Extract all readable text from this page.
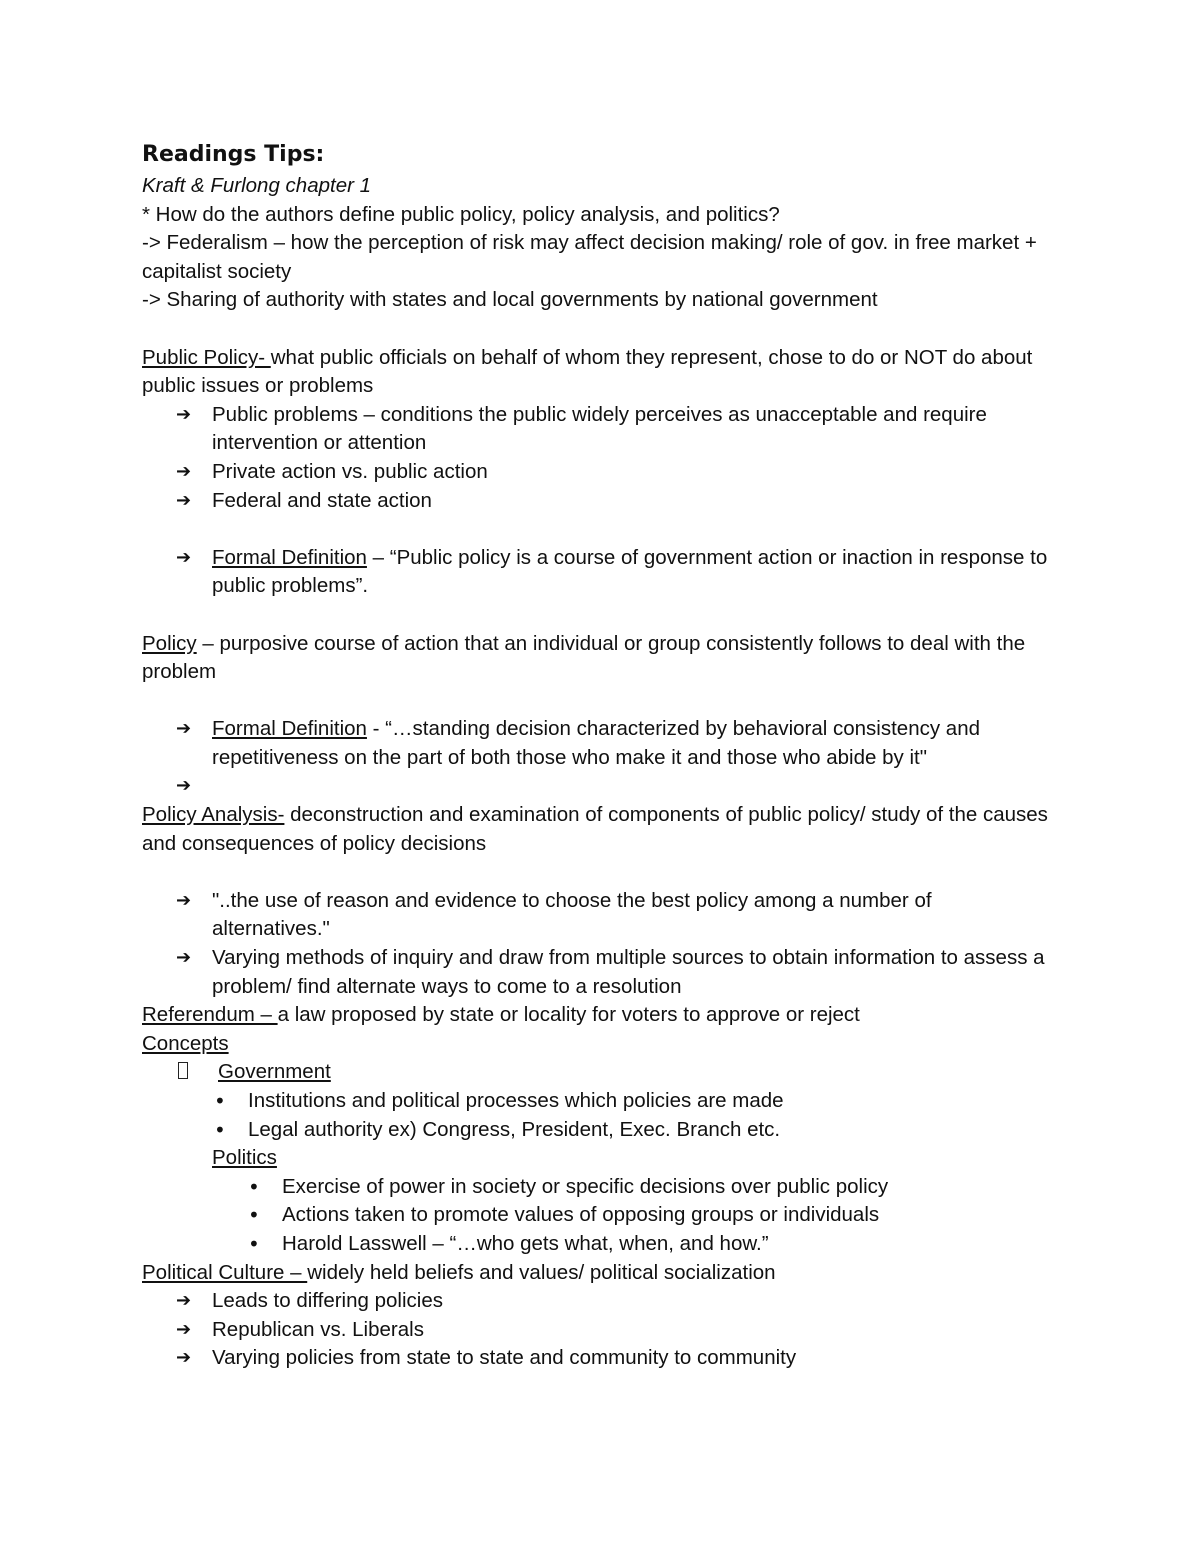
Readings Tips:
Kraft & Furlong chapter 1
* How do the authors define public policy, policy analysis, and politics?
-> Federalism – how the perception of risk may affect decision making/ role of gov. in free market + capitalist society
-> Sharing of authority with states and local governments by national government
Public Policy- what public officials on behalf of whom they represent, chose to do or NOT do about public issues or problems
➔	Public problems – conditions the public widely perceives as unacceptable and require intervention or attention
➔	Private action vs. public action
➔	Federal and state action
➔	Formal Definition – “Public policy is a course of government action or inaction in response to public problems”.
Policy – purposive course of action that an individual or group consistently follows to deal with the problem
➔	Formal Definition - “…standing decision characterized by behavioral consistency and repetitiveness on the part of both those who make it and those who abide by it"
➔

Policy Analysis- deconstruction and examination of components of public policy/ study of the causes and consequences of policy decisions
➔	"..the use of reason and evidence to choose the best policy among a number of alternatives."
➔	Varying methods of inquiry and draw from multiple sources to obtain information to assess a problem/ find alternate ways to come to a resolution
Referendum – a law proposed by state or locality for voters to approve or reject
Concepts
Government
• Institutions and political processes which policies are made
• Legal authority ex) Congress, President, Exec. Branch etc.
Politics
• Exercise of power in society or specific decisions over public policy
• Actions taken to promote values of opposing groups or individuals
• Harold Lasswell – “…who gets what, when, and how.”
Political Culture – widely held beliefs and values/ political socialization
➔	Leads to differing policies
➔	Republican vs. Liberals
➔	Varying policies from state to state and community to community
